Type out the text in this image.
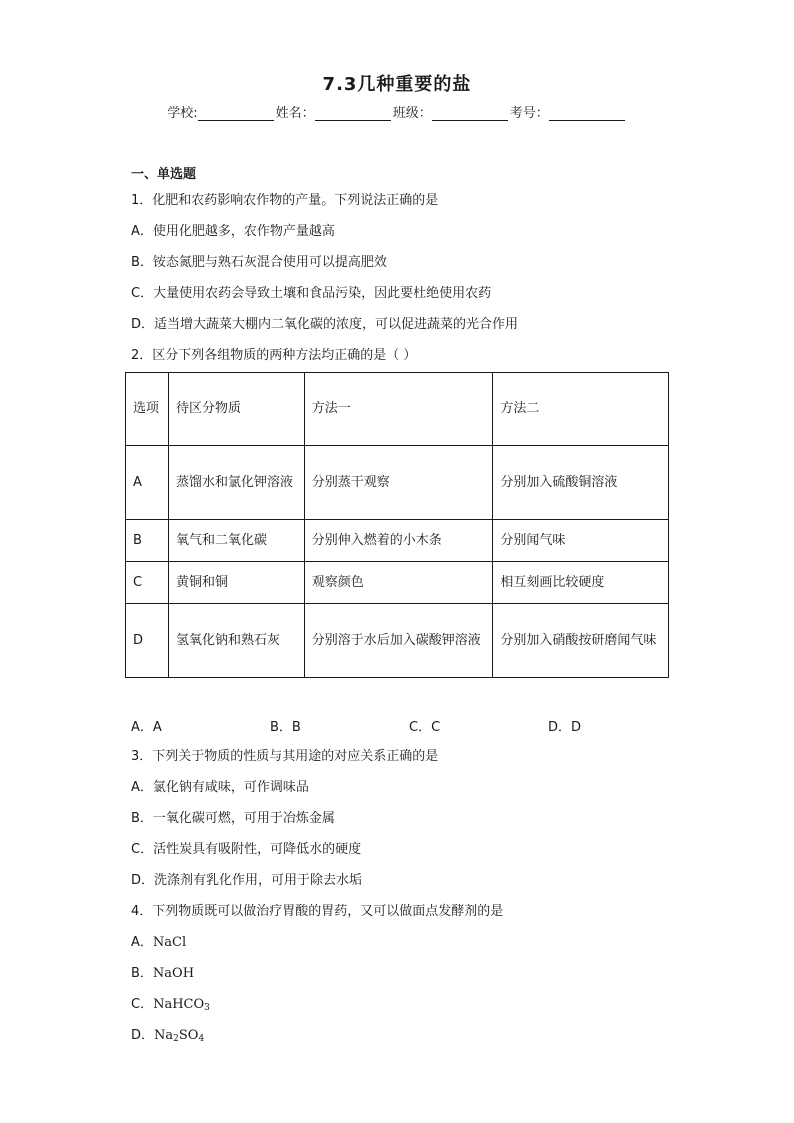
7.3几种重要的盐
学校:	姓名：	班级：	考号：
一、单选题
1．化肥和农药影响农作物的产量。下列说法正确的是
A．使用化肥越多，农作物产量越高
B．铵态氮肥与熟石灰混合使用可以提高肥效
C．大量使用农药会导致土壤和食品污染，因此要杜绝使用农药
D．适当增大蔬菜大棚内二氧化碳的浓度，可以促进蔬菜的光合作用
2．区分下列各组物质的两种方法均正确的是（ ）
选项	待区分物质	方法一	方法二
A	蒸馏水和氯化钾溶液	分别蒸干观察	分别加入硫酸铜溶液
B	氧气和二氧化碳	分别伸入燃着的小木条	分别闻气味
C	黄铜和铜	观察颜色	相互刻画比较硬度
D	氢氧化钠和熟石灰	分别溶于水后加入碳酸钾溶液	分别加入硝酸按研磨闻气味
A．A	B．B	C．C	D．D
3．下列关于物质的性质与其用途的对应关系正确的是
A．氯化钠有咸味，可作调味品
B．一氧化碳可燃，可用于冶炼金属
C．活性炭具有吸附性，可降低水的硬度
D．洗涤剂有乳化作用，可用于除去水垢
4．下列物质既可以做治疗胃酸的胃药，又可以做面点发酵剂的是
A．NaCl
B．NaOH
C．NaHCO$_3$
D．$Na_2SO_4$
